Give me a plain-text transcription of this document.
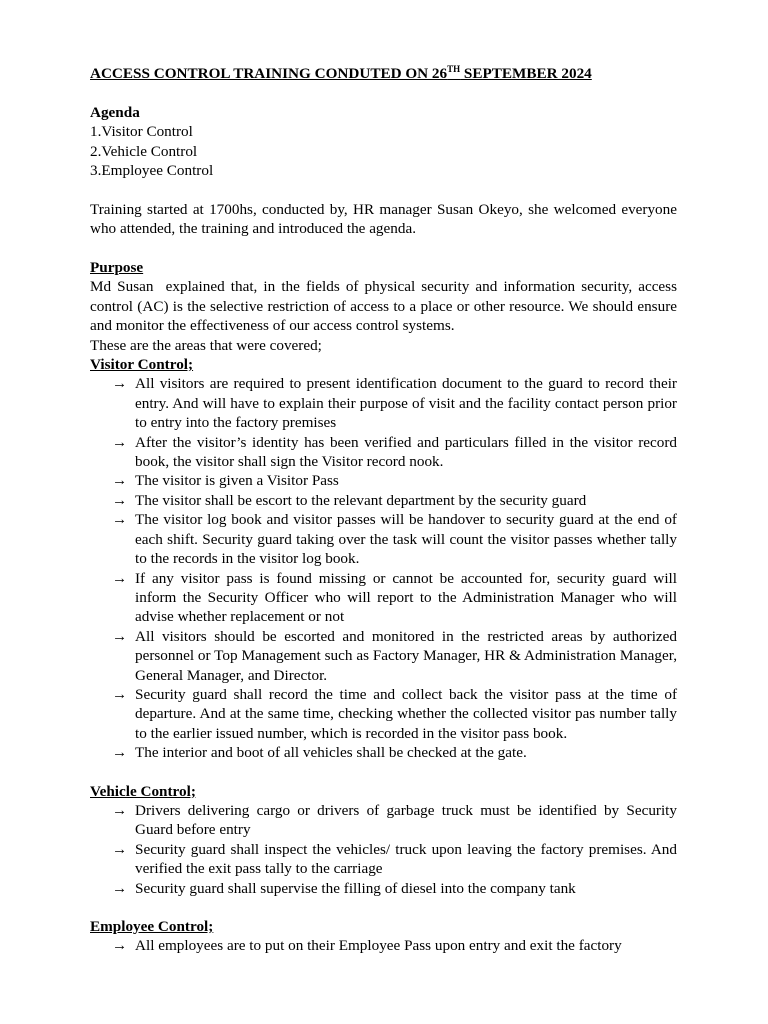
ACCESS CONTROL TRAINING CONDUTED ON 26TH SEPTEMBER 2024

Agenda

1.Visitor Control

2.Vehicle Control

3.Employee Control

Training started at 1700hs, conducted by, HR manager Susan Okeyo, she welcomed everyone who attended, the training and introduced the agenda.

Purpose

Md Susan  explained that, in the fields of physical security and information security, access control (AC) is the selective restriction of access to a place or other resource. We should ensure and monitor the effectiveness of our access control systems.

These are the areas that were covered;

Visitor Control;

→ All visitors are required to present identification document to the guard to record their entry. And will have to explain their purpose of visit and the facility contact person prior to entry into the factory premises
→ After the visitor’s identity has been verified and particulars filled in the visitor record book, the visitor shall sign the Visitor record nook.
→ The visitor is given a Visitor Pass
→ The visitor shall be escort to the relevant department by the security guard
→ The visitor log book and visitor passes will be handover to security guard at the end of each shift. Security guard taking over the task will count the visitor passes whether tally to the records in the visitor log book.
→ If any visitor pass is found missing or cannot be accounted for, security guard will inform the Security Officer who will report to the Administration Manager who will advise whether replacement or not
→ All visitors should be escorted and monitored in the restricted areas by authorized personnel or Top Management such as Factory Manager, HR & Administration Manager, General Manager, and Director.
→ Security guard shall record the time and collect back the visitor pass at the time of departure. And at the same time, checking whether the collected visitor pas number tally to the earlier issued number, which is recorded in the visitor pass book.
→ The interior and boot of all vehicles shall be checked at the gate.

Vehicle Control;

→ Drivers delivering cargo or drivers of garbage truck must be identified by Security Guard before entry
→ Security guard shall inspect the vehicles/ truck upon leaving the factory premises. And verified the exit pass tally to the carriage
→ Security guard shall supervise the filling of diesel into the company tank

Employee Control;

→ All employees are to put on their Employee Pass upon entry and exit the factory
